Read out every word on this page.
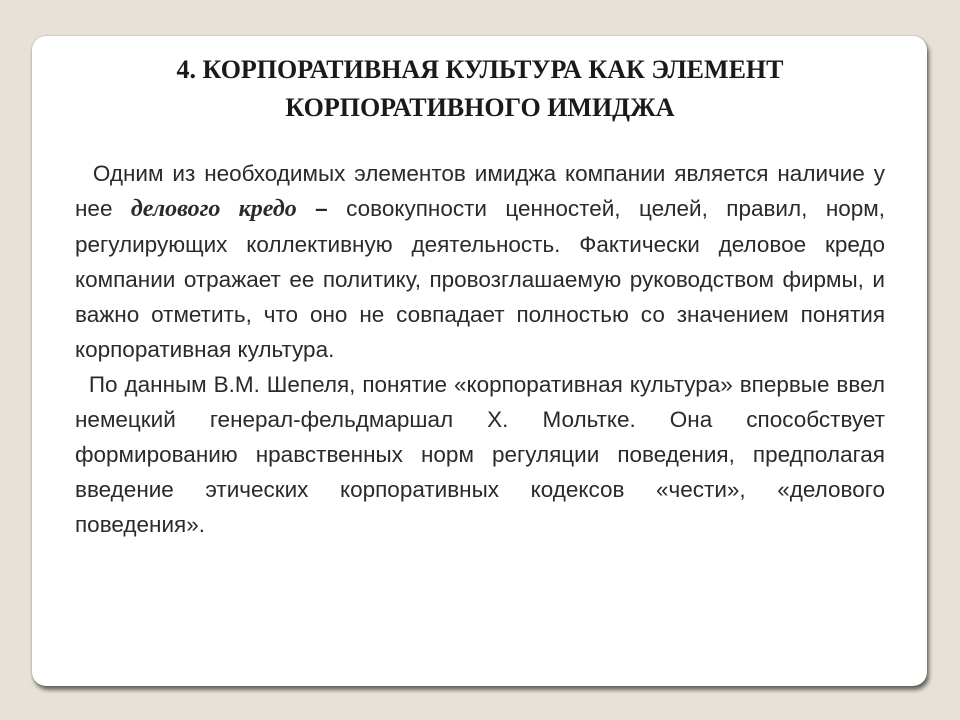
4. КОРПОРАТИВНАЯ КУЛЬТУРА КАК ЭЛЕМЕНТ
КОРПОРАТИВНОГО ИМИДЖА

Одним из необходимых элементов имиджа компании является наличие у нее делового кредо – совокупности ценностей, целей, правил, норм, регулирующих коллективную деятельность. Фактически деловое кредо компании отражает ее политику, провозглашаемую руководством фирмы, и важно отметить, что оно не совпадает полностью со значением понятия корпоративная культура.

По данным В.М. Шепеля, понятие «корпоративная культура» впервые ввел немецкий генерал-фельдмаршал Х. Мольтке. Она способствует формированию нравственных норм регуляции поведения, предполагая введение этических корпоративных кодексов «чести», «делового поведения».
